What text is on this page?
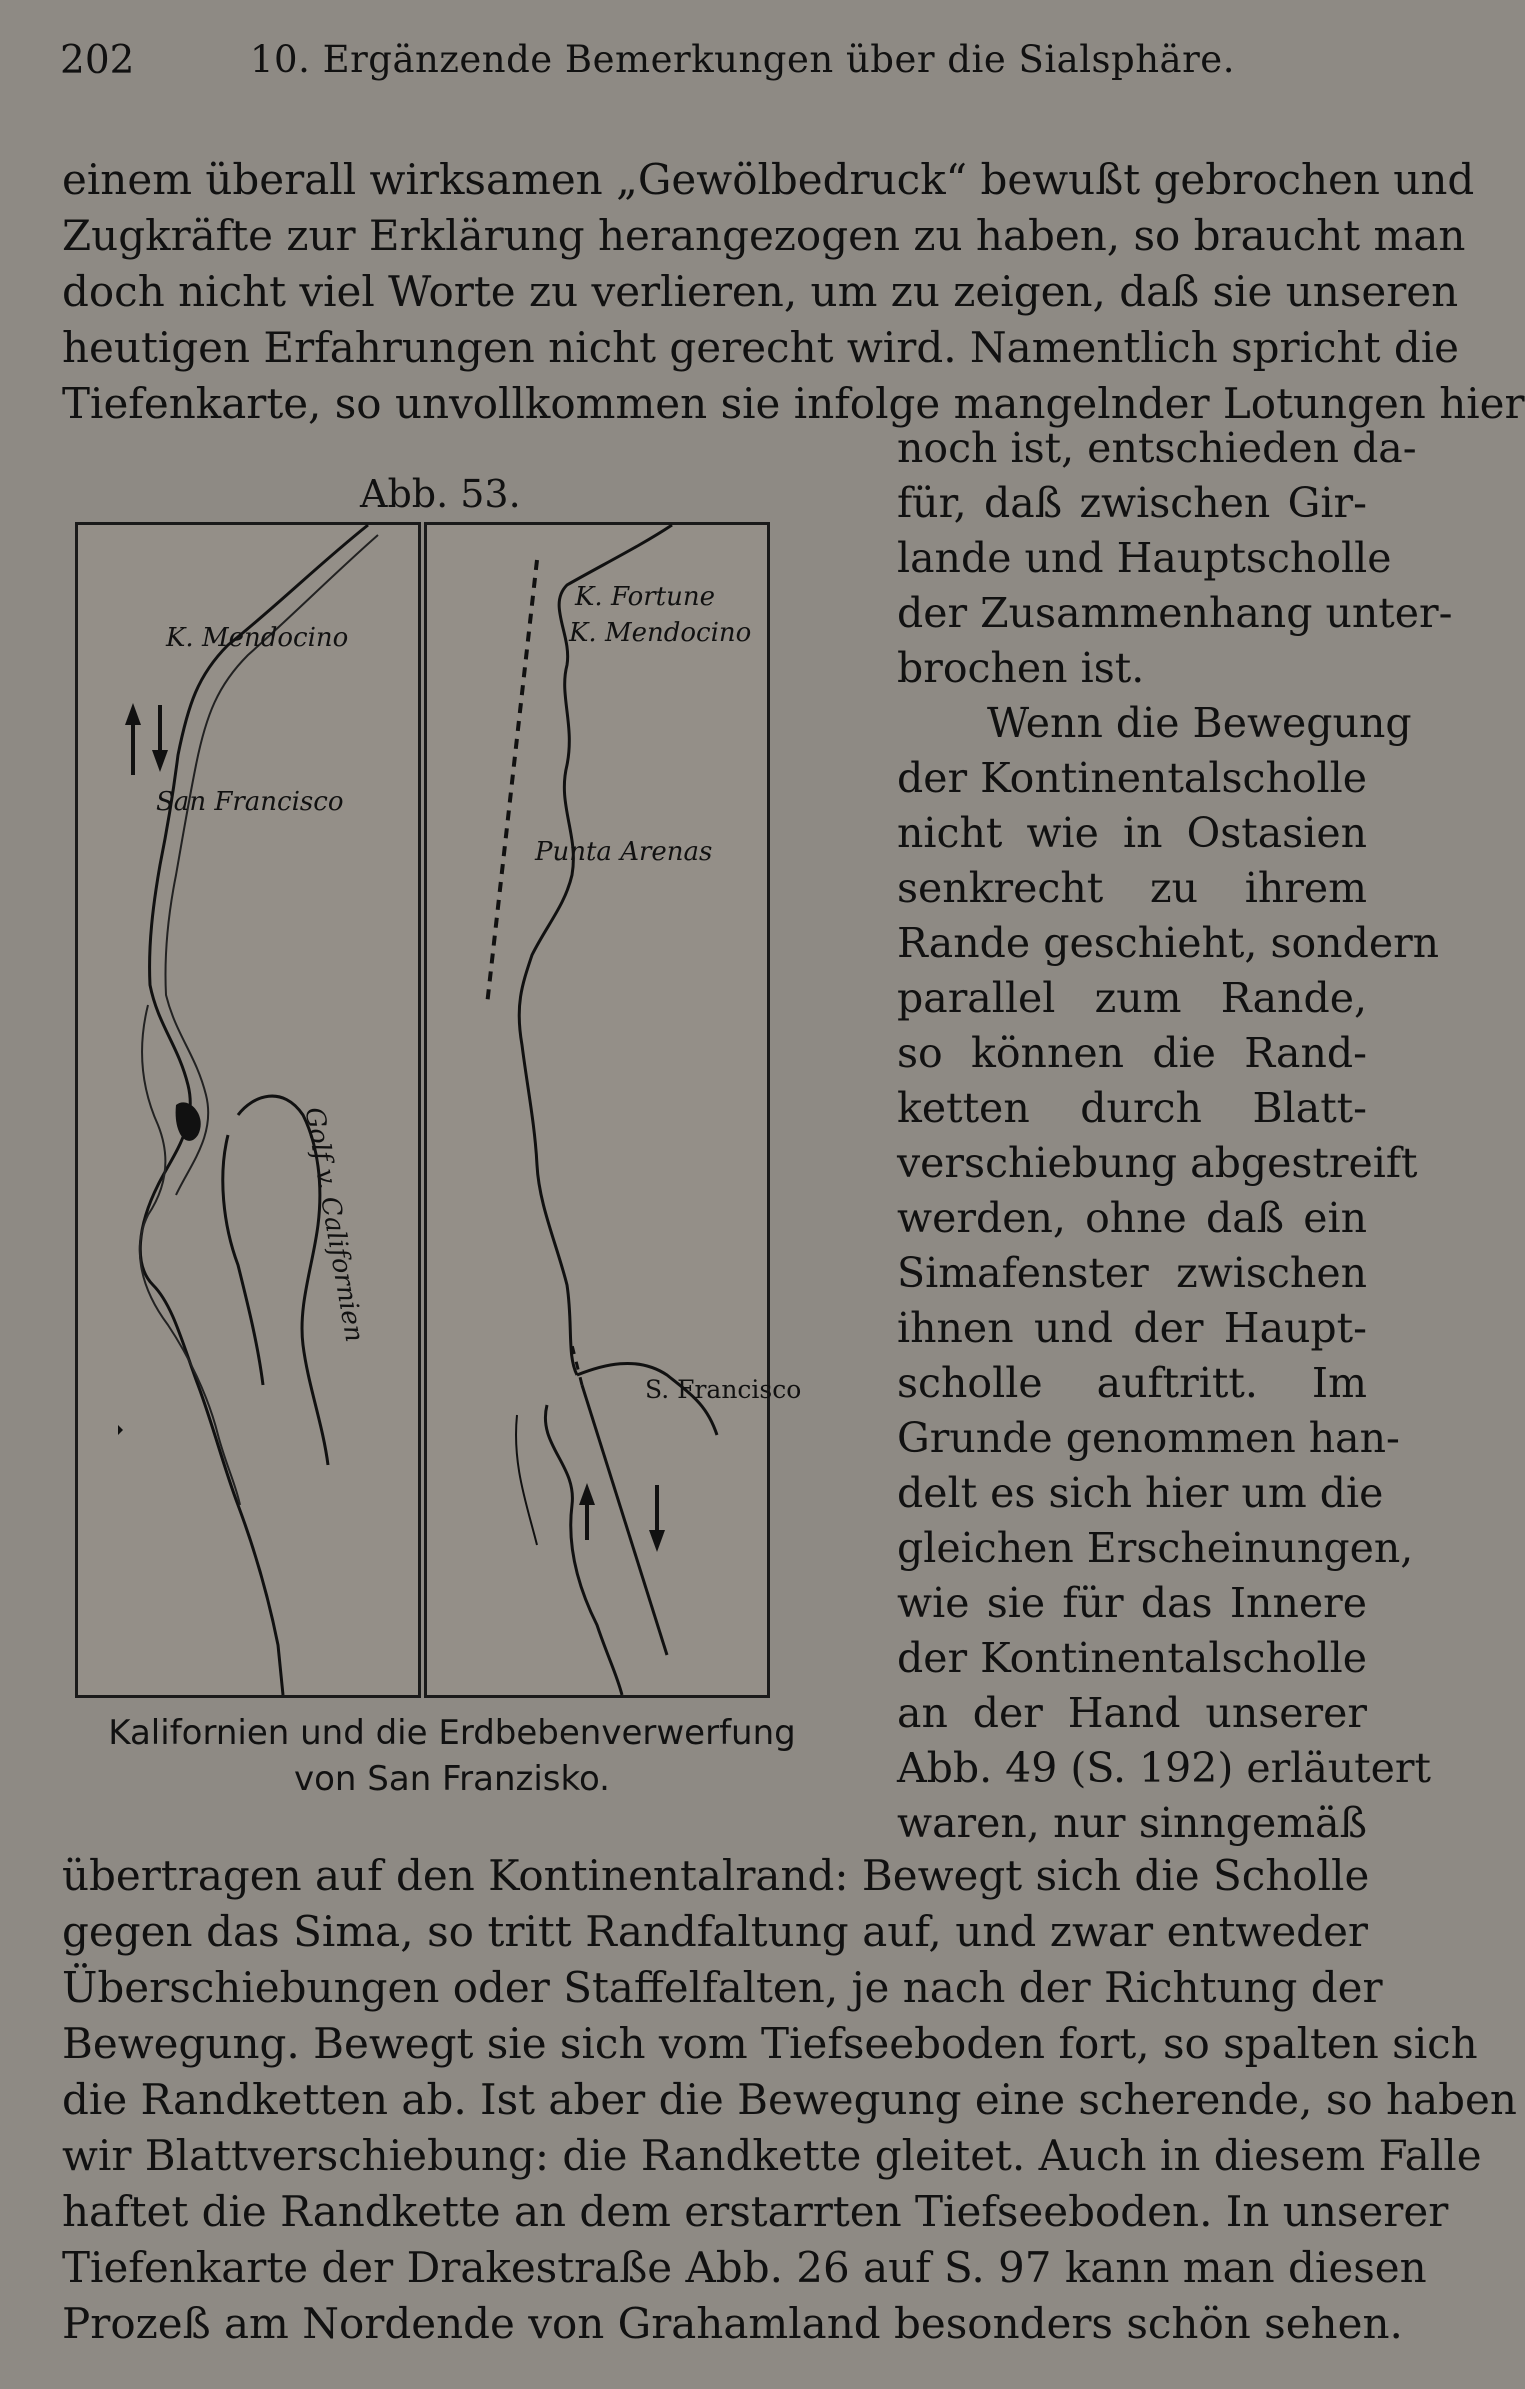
202	10. Ergänzende Bemerkungen über die Sialsphäre.
einem überall wirksamen „Gewölbedruck“ bewußt gebrochen und
Zugkräfte zur Erklärung herangezogen zu haben, so braucht man
doch nicht viel Worte zu verlieren, um zu zeigen, daß sie unseren
heutigen Erfahrungen nicht gerecht wird. Namentlich spricht die
Tiefenkarte, so unvollkommen sie infolge mangelnder Lotungen hier
noch ist, entschieden da-
für, daß zwischen Gir-
lande und Hauptscholle
der Zusammenhang unter-
brochen ist.
Wenn die Bewegung
der Kontinentalscholle
nicht wie in Ostasien
senkrecht zu ihrem
Rande geschieht, sondern
parallel zum Rande,
so können die Rand-
ketten durch Blatt-
verschiebung abgestreift
werden, ohne daß ein
Simafenster zwischen
ihnen und der Haupt-
scholle auftritt. Im
Grunde genommen han-
delt es sich hier um die
gleichen Erscheinungen,
wie sie für das Innere
der Kontinentalscholle
an der Hand unserer
Abb. 49 (S. 192) erläutert
waren, nur sinngemäß
Abb. 53.
K. Mendocino
San Francisco
Golf v. Californien
K. Fortune
K. Mendocino
Punta Arenas
S. Francisco
Kalifornien und die Erdbebenverwerfung
von San Franzisko.
übertragen auf den Kontinentalrand: Bewegt sich die Scholle
gegen das Sima, so tritt Randfaltung auf, und zwar entweder
Überschiebungen oder Staffelfalten, je nach der Richtung der
Bewegung. Bewegt sie sich vom Tiefseeboden fort, so spalten sich
die Randketten ab. Ist aber die Bewegung eine scherende, so haben
wir Blattverschiebung: die Randkette gleitet. Auch in diesem Falle
haftet die Randkette an dem erstarrten Tiefseeboden. In unserer
Tiefenkarte der Drakestraße Abb. 26 auf S. 97 kann man diesen
Prozeß am Nordende von Grahamland besonders schön sehen.
